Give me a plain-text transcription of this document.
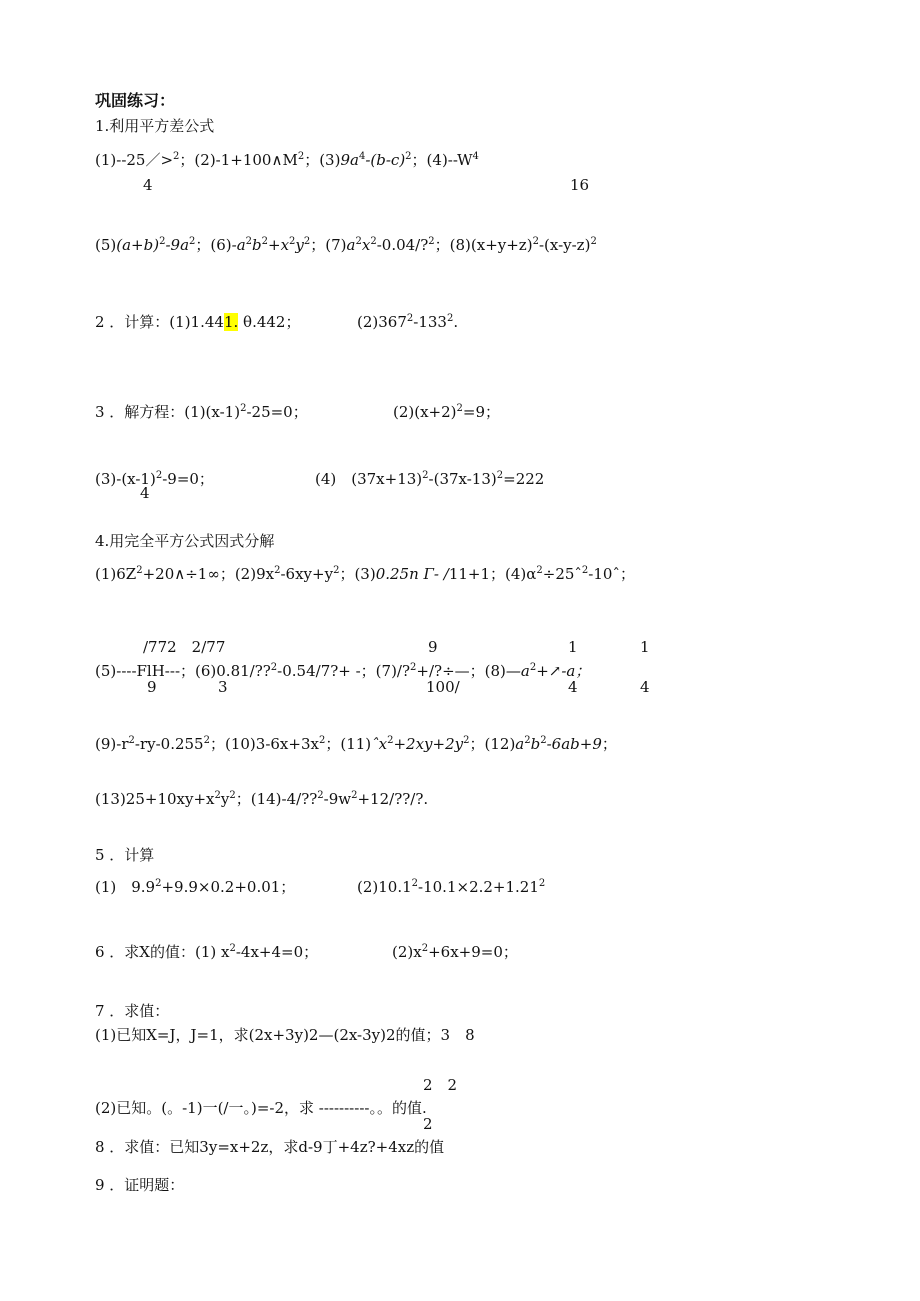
巩固练习：
1.利用平方差公式
(1)--25／>$^2$；$(2)-1+100\wedge M^2$；$(3)9a^4-(b-c)^2$；$(4)--W^4$
4	16
$(5)(a+b)^2-9a^2$；$(6)-a^2b^2+x^2y^2$；$(7)a^2x^2-0.04/?^2$；$(8)(x+y+z)^2-(x-y-z)^2$
2 ．计算：(1)1.441. θ.442；	$(2)367^2-133^2$.
3 ．解方程：$(1)(x-1)^2-25=0$；	$(2)(x+2)^2=9$；
$(3)-(x-1)^2-9=0$；
4
(4)　$(37x+13)^2-(37x-13)^2=222$
4.用完全平方公式因式分解
$(1)6Z^2+20\wedge\div 1\infty$；$(2)9x^2-6xy+y^2$；(3)0.25n Γ- /11+1；$(4)\alpha^2\div 25ˆ^2-10ˆ$；
/772　2/77	9	1	1
(5)----FlH---；(6)0.81/??$^2$-0.54/7?+ -；(7)/?$^2$+/?÷—；$(8)—a^2+↗-a$；
9	3	100/	4	4
$(9)-r^2-ry-0.255^2$；$(10)3-6x+3x^2$；$(11)ˆx^2+2xy+2y^2$；$(12)a^2b^2-6ab+9$；
$(13)25+10xy+x^2y^2$；$(14)-4/??^2-9w^2+12/??/$?.
5 ．计算
(1)　$9.9^2+9.9\times 0.2+0.01$；	$(2)10.1^2-10.1\times 2.2+1.21^2$
6 ．求X的值：(1) $x^2-4x+4=0$；	$(2)x^2+6x+9=0$；
7 ．求值：
(1)已知X=J，J=1，求(2x+3y)2—(2x-3y)2的值；3　8
2　2
(2)已知。(。-1)一(/一。)=-2，求 ----------。。的值.
2
8 ．求值：已知3y=x+2z，求d-9丁+4z?+4xz的值
9 ．证明题：
